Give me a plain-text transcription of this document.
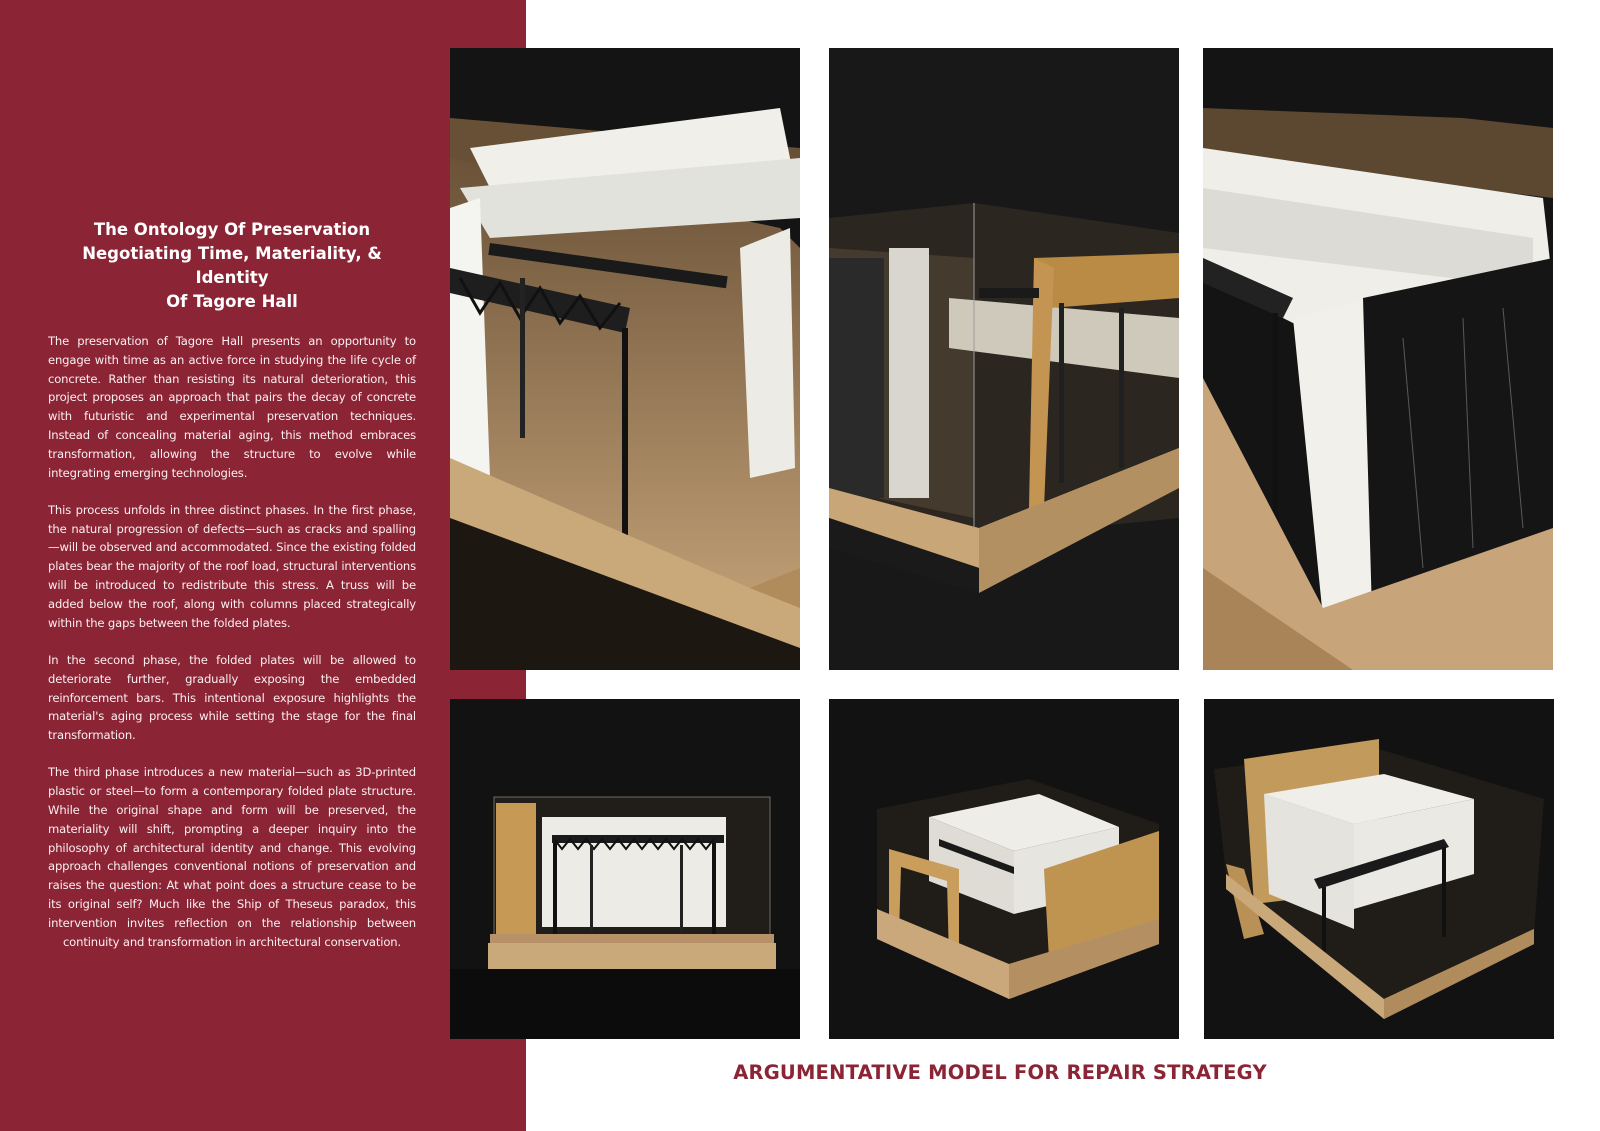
The Ontology Of Preservation
Negotiating Time, Materiality, & Identity
Of Tagore Hall

The preservation of Tagore Hall presents an opportunity to engage with time as an active force in studying the life cycle of concrete. Rather than resisting its natural deterioration, this project proposes an approach that pairs the decay of concrete with futuristic and experimental preservation techniques. Instead of concealing material aging, this method embraces transformation, allowing the structure to evolve while integrating emerging technologies.

This process unfolds in three distinct phases. In the first phase, the natural progression of defects—such as cracks and spalling—will be observed and accommodated. Since the existing folded plates bear the majority of the roof load, structural interventions will be introduced to redistribute this stress. A truss will be added below the roof, along with columns placed strategically within the gaps between the folded plates.

In the second phase, the folded plates will be allowed to deteriorate further, gradually exposing the embedded reinforcement bars. This intentional exposure highlights the material's aging process while setting the stage for the final transformation.

The third phase introduces a new material—such as 3D-printed plastic or steel—to form a contemporary folded plate structure. While the original shape and form will be preserved, the materiality will shift, prompting a deeper inquiry into the philosophy of architectural identity and change. This evolving approach challenges conventional notions of preservation and raises the question: At what point does a structure cease to be its original self? Much like the Ship of Theseus paradox, this intervention invites reflection on the relationship between continuity and transformation in architectural conservation.

ARGUMENTATIVE MODEL FOR REPAIR STRATEGY
